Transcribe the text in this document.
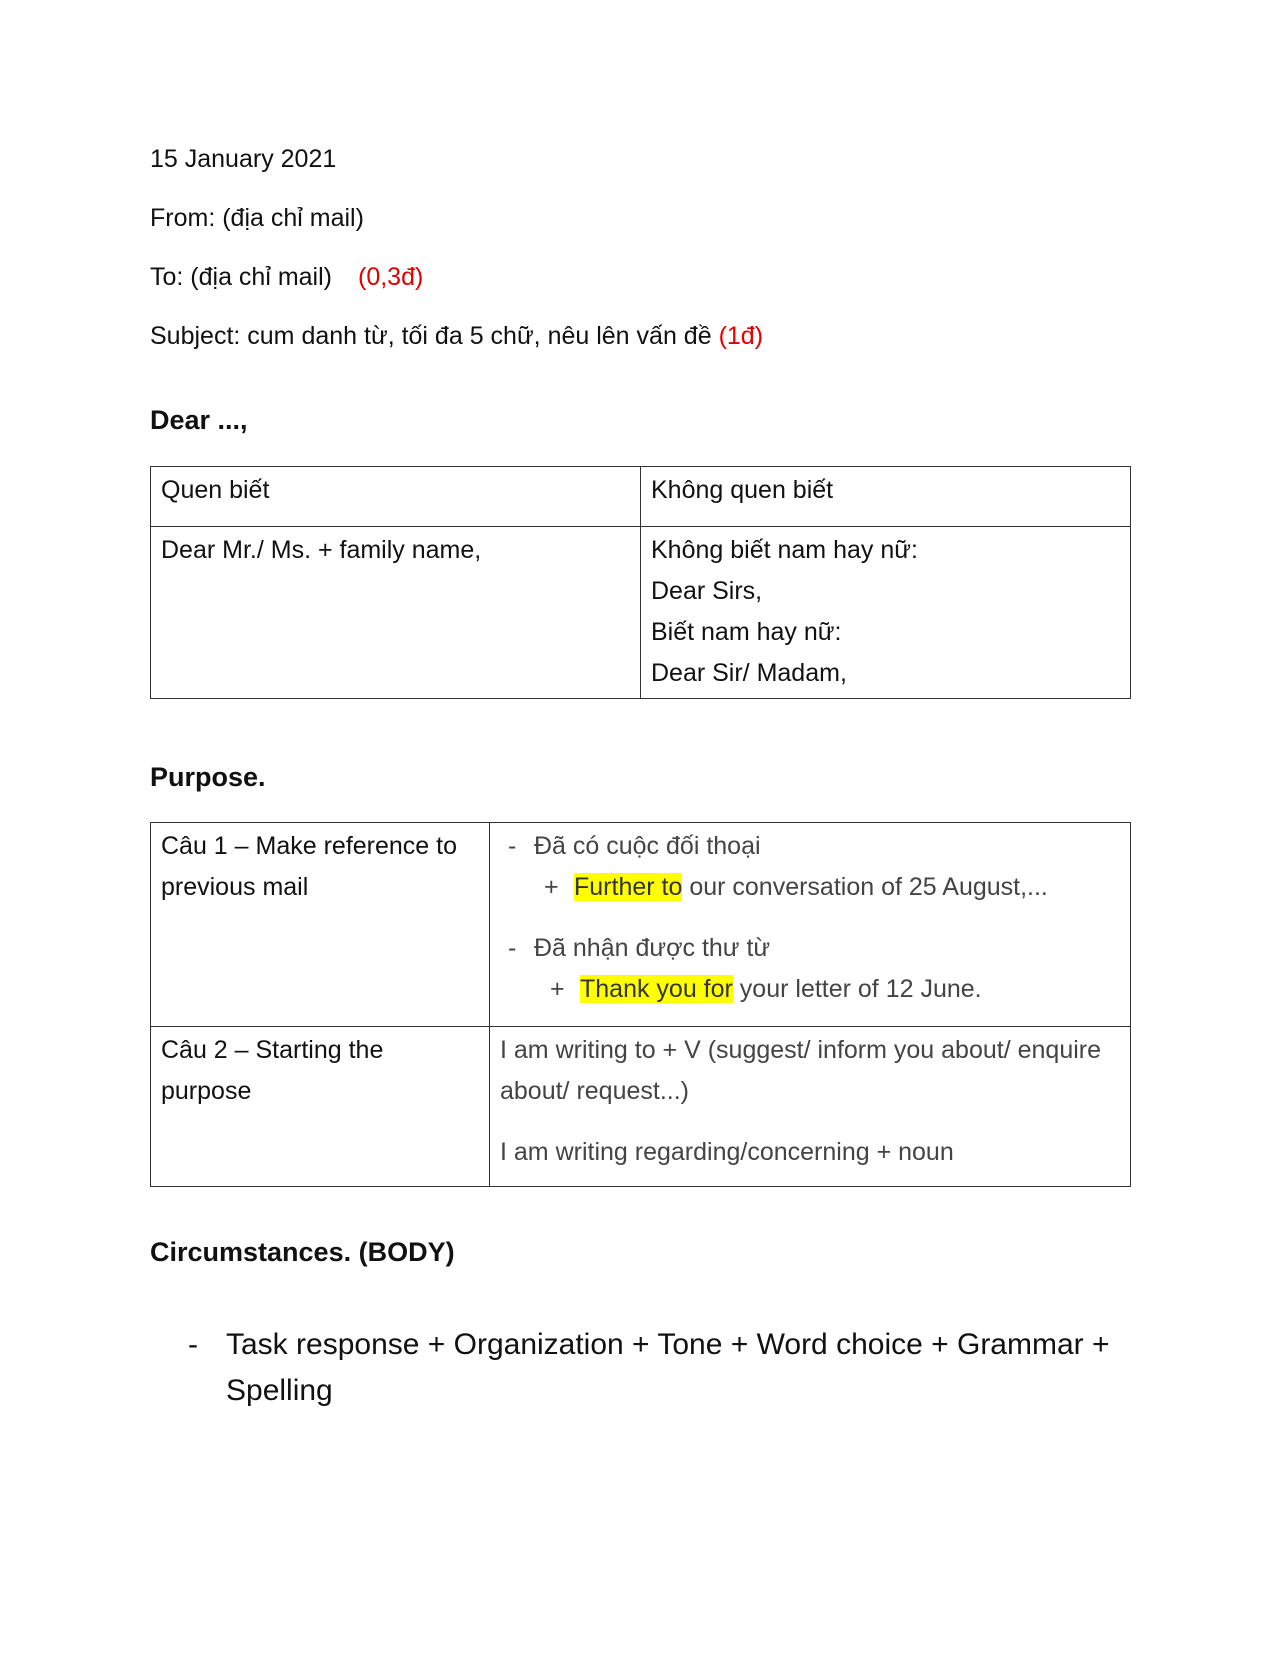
15 January 2021
From: (địa chỉ mail)
To: (địa chỉ mail) (0,3đ)
Subject: cum danh từ, tối đa 5 chữ, nêu lên vấn đề (1đ)
Dear ...,
Quen biết	Không quen biết
Dear Mr./ Ms. + family name,	Không biết nam hay nữ:
Dear Sirs,
Biết nam hay nữ:
Dear Sir/ Madam,
Purpose.
Câu 1 – Make reference to previous mail	- Đã có cuộc đối thoại
+ Further to our conversation of 25 August,...
- Đã nhận được thư từ
+ Thank you for your letter of 12 June.

Câu 2 – Starting the purpose	I am writing to + V (suggest/ inform you about/ enquire about/ request...)
I am writing regarding/concerning + noun
Circumstances. (BODY)
- Task response + Organization + Tone + Word choice + Grammar + Spelling
